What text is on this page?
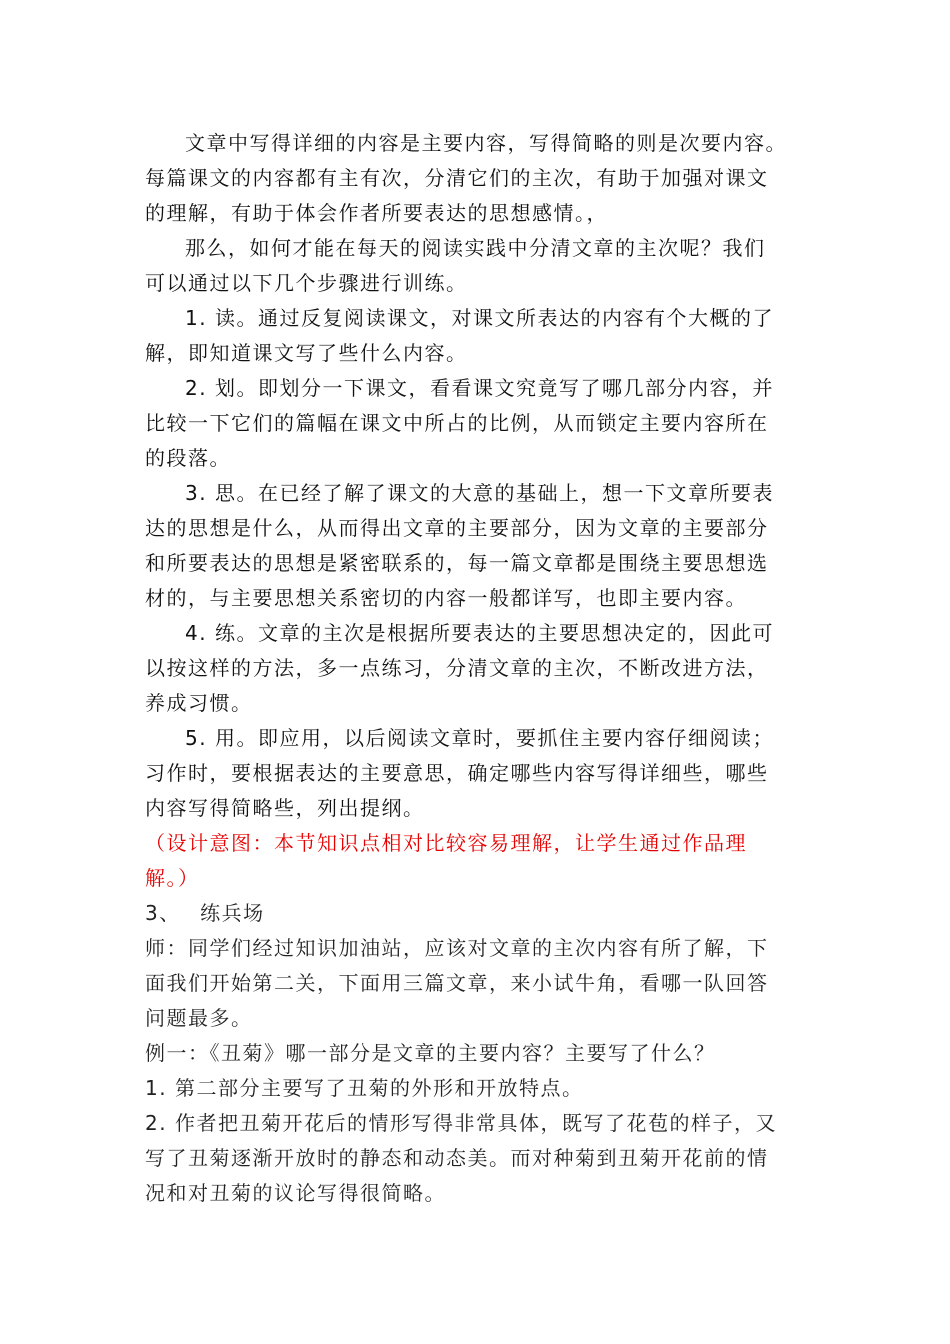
文章中写得详细的内容是主要内容，写得简略的则是次要内容。

每篇课文的内容都有主有次，分清它们的主次，有助于加强对课文

的理解，有助于体会作者所要表达的思想感情。，

那么，如何才能在每天的阅读实践中分清文章的主次呢？我们

可以通过以下几个步骤进行训练。

1. 读。通过反复阅读课文，对课文所表达的内容有个大概的了

解，即知道课文写了些什么内容。

2. 划。即划分一下课文，看看课文究竟写了哪几部分内容，并

比较一下它们的篇幅在课文中所占的比例，从而锁定主要内容所在

的段落。

3. 思。在已经了解了课文的大意的基础上，想一下文章所要表

达的思想是什么，从而得出文章的主要部分，因为文章的主要部分

和所要表达的思想是紧密联系的，每一篇文章都是围绕主要思想选

材的，与主要思想关系密切的内容一般都详写，也即主要内容。

4. 练。文章的主次是根据所要表达的主要思想决定的，因此可

以按这样的方法，多一点练习，分清文章的主次，不断改进方法，

养成习惯。

5. 用。即应用，以后阅读文章时，要抓住主要内容仔细阅读；

习作时，要根据表达的主要意思，确定哪些内容写得详细些，哪些

内容写得简略些，列出提纲。

（设计意图：本节知识点相对比较容易理解，让学生通过作品理

解。）

3、　 练兵场

师：同学们经过知识加油站，应该对文章的主次内容有所了解，下

面我们开始第二关，下面用三篇文章，来小试牛角，看哪一队回答

问题最多。

例一：《丑菊》哪一部分是文章的主要内容？主要写了什么？

1. 第二部分主要写了丑菊的外形和开放特点。

2. 作者把丑菊开花后的情形写得非常具体，既写了花苞的样子，又

写了丑菊逐渐开放时的静态和动态美。而对种菊到丑菊开花前的情

况和对丑菊的议论写得很简略。
